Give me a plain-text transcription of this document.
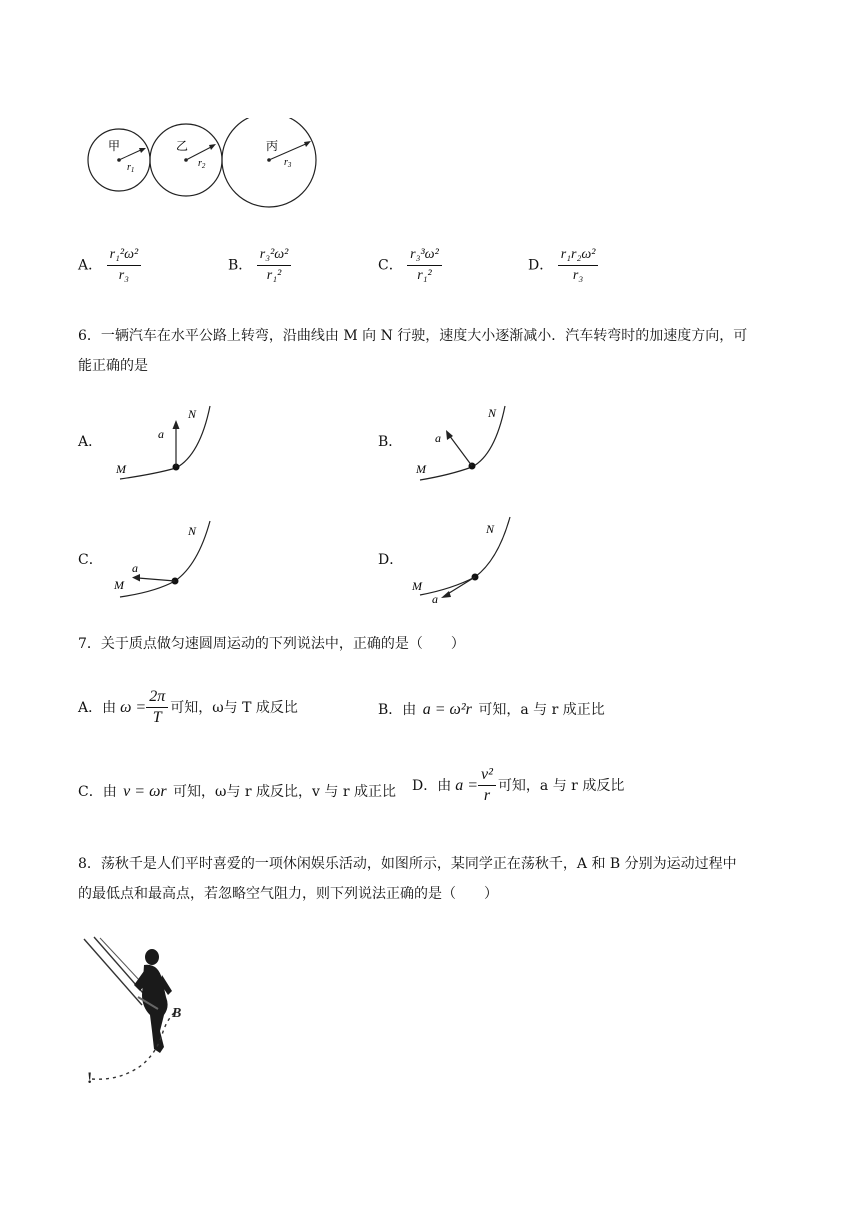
甲	乙	丙
$r_1$
$r_2$	$r_3$
A． $\frac{\text{r₁²ω²}}{\text{r₃}}$	B． $\frac{\text{r₃²ω²}}{\text{r₁²}}$	C． $\frac{\text{r₃³ω²}}{\text{r₁²}}$	D． $\frac{\text{r₁r₂ω²}}{\text{r₃}}$
6．一辆汽车在水平公路上转弯，沿曲线由 M 向 N 行驶，速度大小逐渐减小．汽车转弯时的加速度方向，可
能正确的是
A．	a
N
M
B．	a
N
M
C． a
N
M
D．
a
N
M
7．关于质点做匀速圆周运动的下列说法中，正确的是（　　）
A．由 $\omega = \frac{2\pi}{T}$ 可知，ω与 T 成反比	B．由 a = ω²r 可知，a 与 r 成正比
C．由 v = ωr 可知，ω与 r 成反比，v 与 r 成正比 D．由 $a = \frac{\text{v²}}{r}$ 可知，a 与 r 成反比
8．荡秋千是人们平时喜爱的一项休闲娱乐活动，如图所示，某同学正在荡秋千，A 和 B 分别为运动过程中
的最低点和最高点，若忽略空气阻力，则下列说法正确的是（　　）
B
!
